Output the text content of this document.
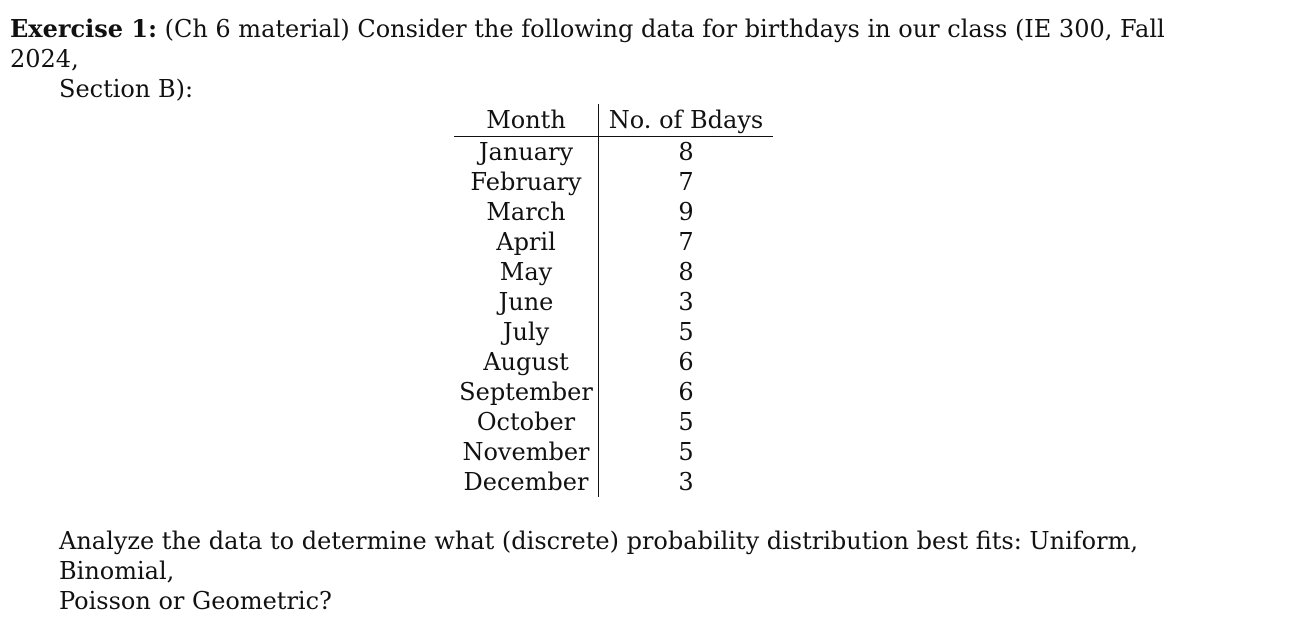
Exercise 1: (Ch 6 material) Consider the following data for birthdays in our class (IE 300, Fall 2024,
Section B):
Month	No. of Bdays
January	8
February	7
March	9
April	7
May	8
June	3
July	5
August	6
September	6
October	5
November	5
December	3
Analyze the data to determine what (discrete) probability distribution best fits: Uniform, Binomial,
Poisson or Geometric?
